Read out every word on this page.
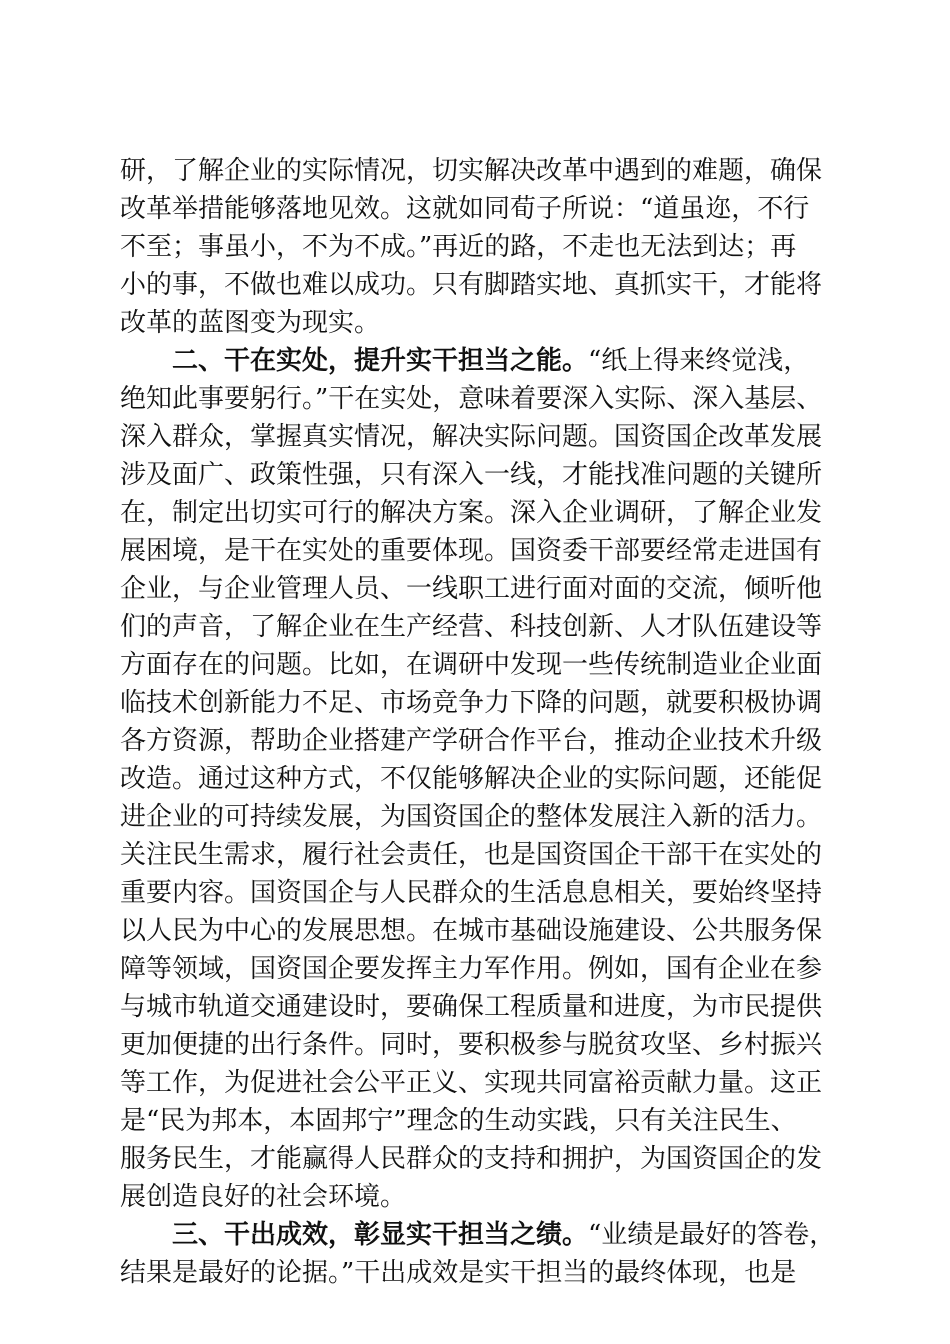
研，了解企业的实际情况，切实解决改革中遇到的难题，确保
改革举措能够落地见效。这就如同荀子所说：“道虽迩，不行
不至；事虽小，不为不成。”再近的路，不走也无法到达；再
小的事，不做也难以成功。只有脚踏实地、真抓实干，才能将
改革的蓝图变为现实。
二、干在实处，提升实干担当之能。“纸上得来终觉浅，
绝知此事要躬行。”干在实处，意味着要深入实际、深入基层、
深入群众，掌握真实情况，解决实际问题。国资国企改革发展
涉及面广、政策性强，只有深入一线，才能找准问题的关键所
在，制定出切实可行的解决方案。深入企业调研，了解企业发
展困境，是干在实处的重要体现。国资委干部要经常走进国有
企业，与企业管理人员、一线职工进行面对面的交流，倾听他
们的声音，了解企业在生产经营、科技创新、人才队伍建设等
方面存在的问题。比如，在调研中发现一些传统制造业企业面
临技术创新能力不足、市场竞争力下降的问题，就要积极协调
各方资源，帮助企业搭建产学研合作平台，推动企业技术升级
改造。通过这种方式，不仅能够解决企业的实际问题，还能促
进企业的可持续发展，为国资国企的整体发展注入新的活力。
关注民生需求，履行社会责任，也是国资国企干部干在实处的
重要内容。国资国企与人民群众的生活息息相关，要始终坚持
以人民为中心的发展思想。在城市基础设施建设、公共服务保
障等领域，国资国企要发挥主力军作用。例如，国有企业在参
与城市轨道交通建设时，要确保工程质量和进度，为市民提供
更加便捷的出行条件。同时，要积极参与脱贫攻坚、乡村振兴
等工作，为促进社会公平正义、实现共同富裕贡献力量。这正
是“民为邦本，本固邦宁”理念的生动实践，只有关注民生、
服务民生，才能赢得人民群众的支持和拥护，为国资国企的发
展创造良好的社会环境。
三、干出成效，彰显实干担当之绩。“业绩是最好的答卷，
结果是最好的论据。”干出成效是实干担当的最终体现，也是
